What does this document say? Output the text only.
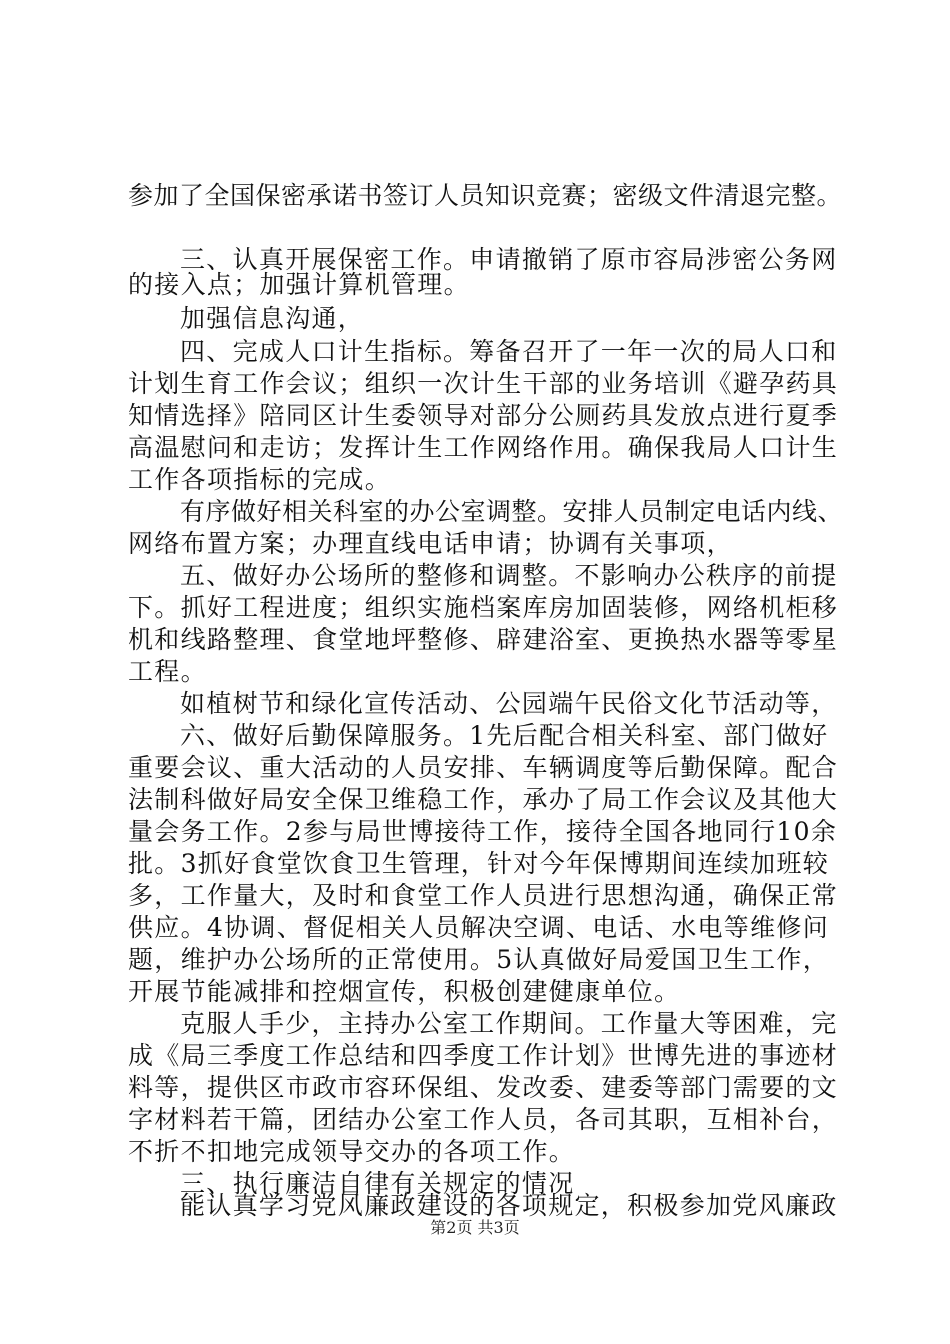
参加了全国保密承诺书签订人员知识竞赛；密级文件清退完整。
三、认真开展保密工作。申请撤销了原市容局涉密公务网
的接入点；加强计算机管理。
加强信息沟通，
四、完成人口计生指标。筹备召开了一年一次的局人口和
计划生育工作会议；组织一次计生干部的业务培训《避孕药具
知情选择》陪同区计生委领导对部分公厕药具发放点进行夏季
高温慰问和走访；发挥计生工作网络作用。确保我局人口计生
工作各项指标的完成。
有序做好相关科室的办公室调整。安排人员制定电话内线、
网络布置方案；办理直线电话申请；协调有关事项，
五、做好办公场所的整修和调整。不影响办公秩序的前提
下。抓好工程进度；组织实施档案库房加固装修，网络机柜移
机和线路整理、食堂地坪整修、辟建浴室、更换热水器等零星
工程。
如植树节和绿化宣传活动、公园端午民俗文化节活动等，
六、做好后勤保障服务。1先后配合相关科室、部门做好
重要会议、重大活动的人员安排、车辆调度等后勤保障。配合
法制科做好局安全保卫维稳工作，承办了局工作会议及其他大
量会务工作。2参与局世博接待工作，接待全国各地同行10余
批。3抓好食堂饮食卫生管理，针对今年保博期间连续加班较
多，工作量大，及时和食堂工作人员进行思想沟通，确保正常
供应。4协调、督促相关人员解决空调、电话、水电等维修问
题，维护办公场所的正常使用。5认真做好局爱国卫生工作，
开展节能减排和控烟宣传，积极创建健康单位。
克服人手少，主持办公室工作期间。工作量大等困难，完
成《局三季度工作总结和四季度工作计划》世博先进的事迹材
料等，提供区市政市容环保组、发改委、建委等部门需要的文
字材料若干篇，团结办公室工作人员，各司其职，互相补台，
不折不扣地完成领导交办的各项工作。
三、执行廉洁自律有关规定的情况
能认真学习党风廉政建设的各项规定，积极参加党风廉政
第2页 共3页
